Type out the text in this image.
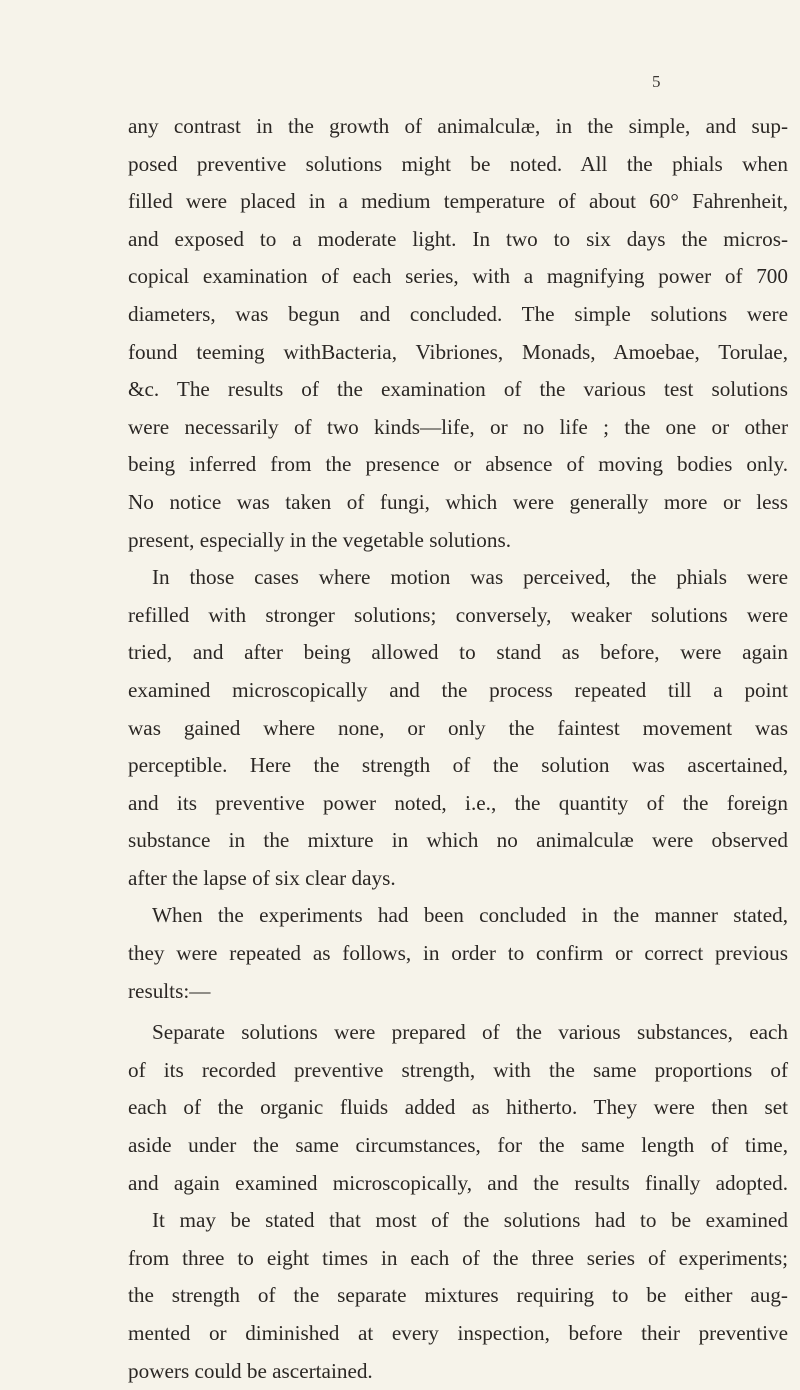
5
any contrast in the growth of animalculæ, in the simple, and sup-
posed preventive solutions might be noted. All the phials when
filled were placed in a medium temperature of about 60° Fahrenheit,
and exposed to a moderate light. In two to six days the micros-
copical examination of each series, with a magnifying power of 700
diameters, was begun and concluded. The simple solutions were
found teeming withBacteria, Vibriones, Monads, Amoebae, Torulae,
&c. The results of the examination of the various test solutions
were necessarily of two kinds—life, or no life ; the one or other
being inferred from the presence or absence of moving bodies only.
No notice was taken of fungi, which were generally more or less
present, especially in the vegetable solutions.
In those cases where motion was perceived, the phials were
refilled with stronger solutions; conversely, weaker solutions were
tried, and after being allowed to stand as before, were again
examined microscopically and the process repeated till a point
was gained where none, or only the faintest movement was
perceptible. Here the strength of the solution was ascertained,
and its preventive power noted, i.e., the quantity of the foreign
substance in the mixture in which no animalculæ were observed
after the lapse of six clear days.
When the experiments had been concluded in the manner stated,
they were repeated as follows, in order to confirm or correct previous
results:—
Separate solutions were prepared of the various substances, each
of its recorded preventive strength, with the same proportions of
each of the organic fluids added as hitherto. They were then set
aside under the same circumstances, for the same length of time,
and again examined microscopically, and the results finally adopted.
It may be stated that most of the solutions had to be examined
from three to eight times in each of the three series of experiments;
the strength of the separate mixtures requiring to be either aug-
mented or diminished at every inspection, before their preventive
powers could be ascertained.
